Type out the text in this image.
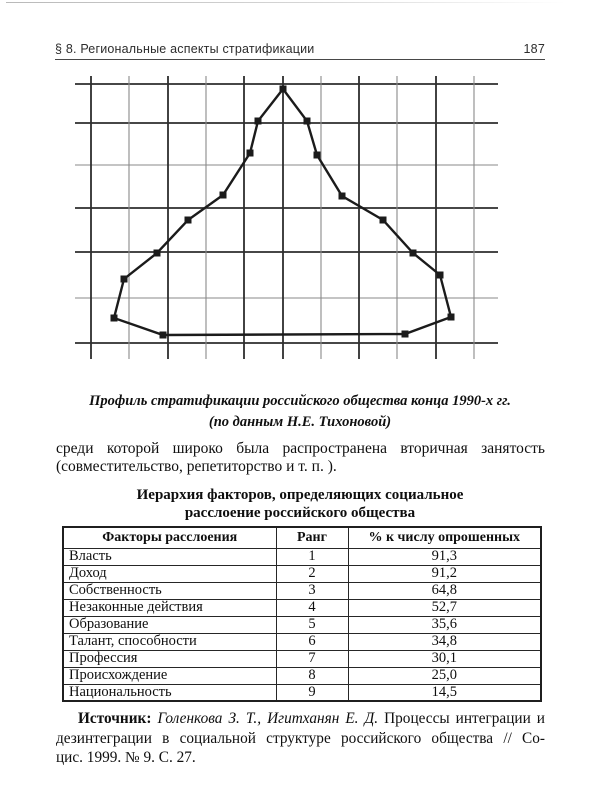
§ 8. Региональные аспекты стратификации	187
Профиль стратификации российского общества конца 1990-х гг.
(по данным Н.Е. Тихоновой)
среди которой широко была распространена вторичная занятость
(совместительство, репетиторство и т. п. ).
Иерархия факторов, определяющих социальное
расслоение российского общества
Факторы расслоения	Ранг	% к числу опрошенных
Власть	1	91,3
Доход	2	91,2
Собственность	3	64,8
Незаконные действия	4	52,7
Образование	5	35,6
Талант, способности	6	34,8
Профессия	7	30,1
Происхождение	8	25,0
Национальность	9	14,5
Источник: Голенкова З. Т., Игитханян Е. Д. Процессы интеграции и
дезинтеграции в социальной структуре российского общества // Со-
цис. 1999. № 9. С. 27.
